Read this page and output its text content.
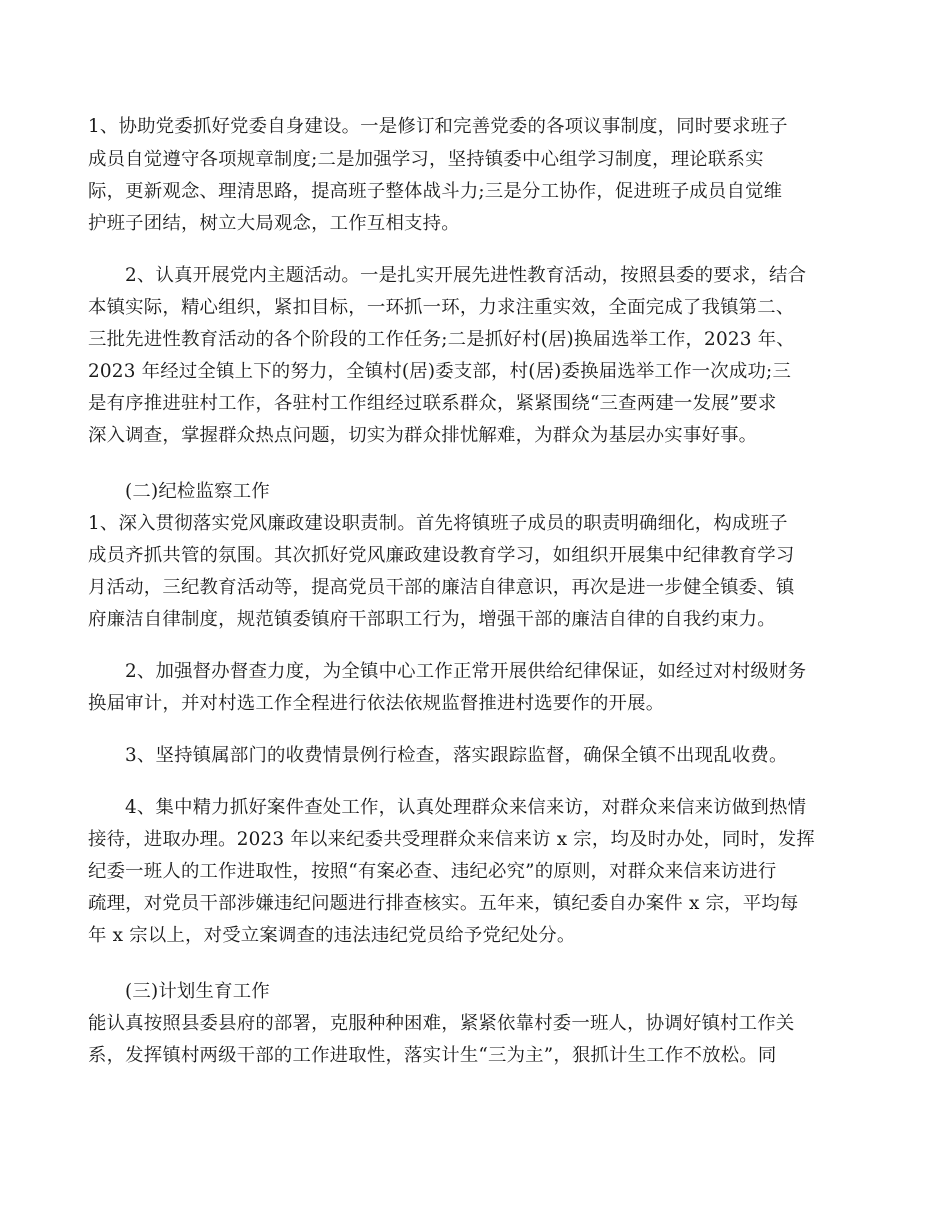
1、协助党委抓好党委自身建设。一是修订和完善党委的各项议事制度，同时要求班子
成员自觉遵守各项规章制度;二是加强学习，坚持镇委中心组学习制度，理论联系实
际，更新观念、理清思路，提高班子整体战斗力;三是分工协作，促进班子成员自觉维
护班子团结，树立大局观念，工作互相支持。
2、认真开展党内主题活动。一是扎实开展先进性教育活动，按照县委的要求，结合
本镇实际，精心组织，紧扣目标，一环抓一环，力求注重实效，全面完成了我镇第二、
三批先进性教育活动的各个阶段的工作任务;二是抓好村(居)换届选举工作，2023 年、
2023 年经过全镇上下的努力，全镇村(居)委支部，村(居)委换届选举工作一次成功;三
是有序推进驻村工作，各驻村工作组经过联系群众，紧紧围绕“三查两建一发展”要求
深入调查，掌握群众热点问题，切实为群众排忧解难，为群众为基层办实事好事。
(二)纪检监察工作
1、深入贯彻落实党风廉政建设职责制。首先将镇班子成员的职责明确细化，构成班子
成员齐抓共管的氛围。其次抓好党风廉政建设教育学习，如组织开展集中纪律教育学习
月活动，三纪教育活动等，提高党员干部的廉洁自律意识，再次是进一步健全镇委、镇
府廉洁自律制度，规范镇委镇府干部职工行为，增强干部的廉洁自律的自我约束力。
2、加强督办督查力度，为全镇中心工作正常开展供给纪律保证，如经过对村级财务
换届审计，并对村选工作全程进行依法依规监督推进村选要作的开展。
3、坚持镇属部门的收费情景例行检查，落实跟踪监督，确保全镇不出现乱收费。
4、集中精力抓好案件查处工作，认真处理群众来信来访，对群众来信来访做到热情
接待，进取办理。2023 年以来纪委共受理群众来信来访 x 宗，均及时办处，同时，发挥
纪委一班人的工作进取性，按照“有案必查、违纪必究”的原则，对群众来信来访进行
疏理，对党员干部涉嫌违纪问题进行排查核实。五年来，镇纪委自办案件 x 宗，平均每
年 x 宗以上，对受立案调查的违法违纪党员给予党纪处分。
(三)计划生育工作
能认真按照县委县府的部署，克服种种困难，紧紧依靠村委一班人，协调好镇村工作关
系，发挥镇村两级干部的工作进取性，落实计生“三为主”，狠抓计生工作不放松。同
